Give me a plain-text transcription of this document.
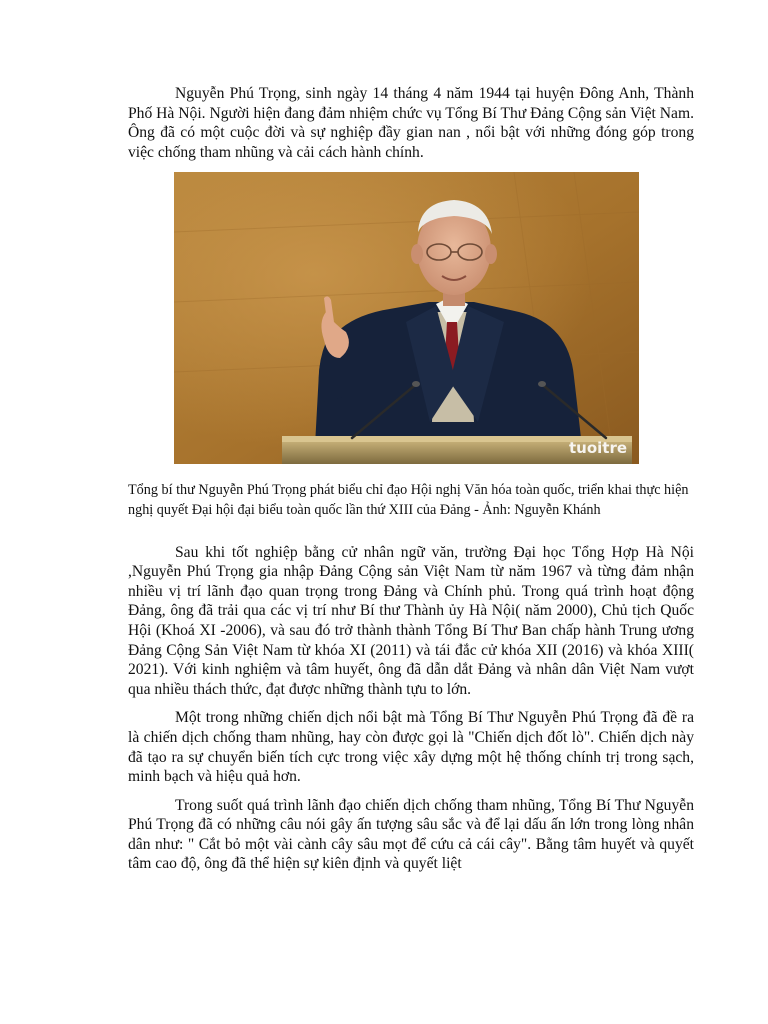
Nguyễn Phú Trọng, sinh ngày 14 tháng 4 năm 1944 tại huyện Đông Anh, Thành Phố Hà Nội. Người hiện đang đảm nhiệm chức vụ Tổng Bí Thư Đảng Cộng sản Việt Nam. Ông đã có một cuộc đời và sự nghiệp đầy gian nan , nổi bật với những đóng góp trong việc chống tham nhũng và cải cách hành chính.

tuoitre

Tổng bí thư Nguyễn Phú Trọng phát biểu chỉ đạo Hội nghị Văn hóa toàn quốc, triển khai thực hiện nghị quyết Đại hội đại biểu toàn quốc lần thứ XIII của Đảng - Ảnh: Nguyễn Khánh

Sau khi tốt nghiệp bằng cử nhân ngữ văn, trường Đại học Tổng Hợp Hà Nội ,Nguyễn Phú Trọng gia nhập Đảng Cộng sản Việt Nam từ năm 1967 và từng đảm nhận nhiều vị trí lãnh đạo quan trọng trong Đảng và Chính phủ. Trong quá trình hoạt động Đảng, ông đã trải qua các vị trí như Bí thư Thành ủy Hà Nội( năm 2000), Chủ tịch Quốc Hội (Khoá XI -2006), và sau đó trở thành thành Tổng Bí Thư Ban chấp hành Trung ương Đảng Cộng Sản Việt Nam từ khóa XI (2011) và tái đắc cử khóa XII (2016) và khóa XIII( 2021). Với kinh nghiệm và tâm huyết, ông đã dẫn dắt Đảng và nhân dân Việt Nam vượt qua nhiều thách thức, đạt được những thành tựu to lớn.

Một trong những chiến dịch nổi bật mà Tổng Bí Thư Nguyễn Phú Trọng đã đề ra là chiến dịch chống tham nhũng, hay còn được gọi là "Chiến dịch đốt lò". Chiến dịch này đã tạo ra sự chuyển biến tích cực trong việc xây dựng một hệ thống chính trị trong sạch, minh bạch và hiệu quả hơn.

Trong suốt quá trình lãnh đạo chiến dịch chống tham nhũng, Tổng Bí Thư Nguyễn Phú Trọng đã có những câu nói gây ấn tượng sâu sắc và để lại dấu ấn lớn trong lòng nhân dân như: " Cắt bỏ một vài cành cây sâu mọt để cứu cả cái cây". Bằng tâm huyết và quyết tâm cao độ, ông đã thể hiện sự kiên định và quyết liệt
